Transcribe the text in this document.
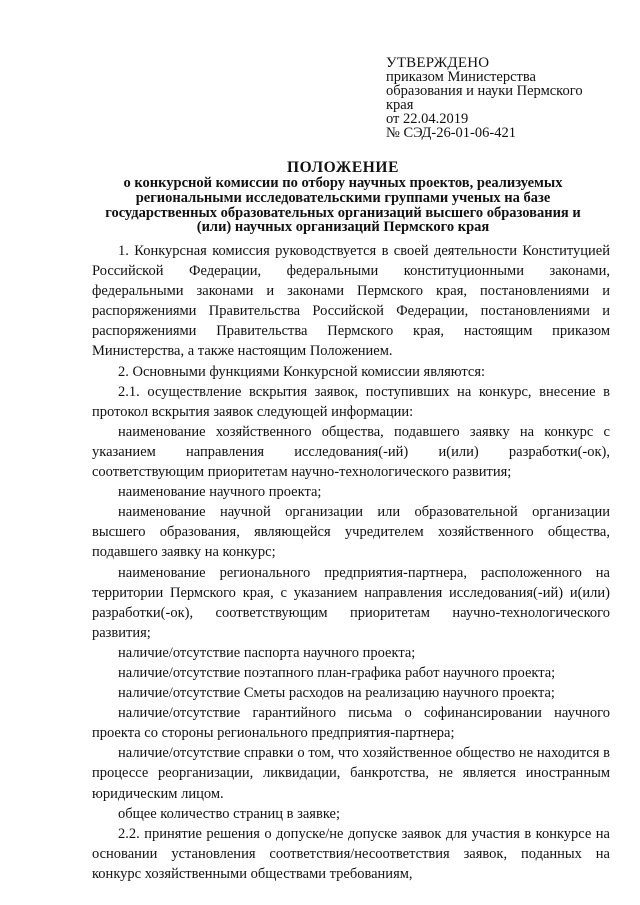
УТВЕРЖДЕНО
приказом Министерства
образования и науки Пермского
края
от 22.04.2019
№ СЭД-26-01-06-421
ПОЛОЖЕНИЕ
о конкурсной комиссии по отбору научных проектов, реализуемых
региональными исследовательскими группами ученых на базе
государственных образовательных организаций высшего образования и
(или) научных организаций Пермского края

1. Конкурсная комиссия руководствуется в своей деятельности Конституцией Российской Федерации, федеральными конституционными законами, федеральными законами и законами Пермского края, постановлениями и распоряжениями Правительства Российской Федерации, постановлениями и распоряжениями Правительства Пермского края, настоящим приказом Министерства, а также настоящим Положением.

2. Основными функциями Конкурсной комиссии являются:

2.1. осуществление вскрытия заявок, поступивших на конкурс, внесение в протокол вскрытия заявок следующей информации:

наименование хозяйственного общества, подавшего заявку на конкурс с указанием направления исследования(-ий) и(или) разработки(-ок), соответствующим приоритетам научно-технологического развития;

наименование научного проекта;

наименование научной организации или образовательной организации высшего образования, являющейся учредителем хозяйственного общества, подавшего заявку на конкурс;

наименование регионального предприятия-партнера, расположенного на территории Пермского края, с указанием направления исследования(-ий) и(или) разработки(-ок), соответствующим приоритетам научно-технологического развития;

наличие/отсутствие паспорта научного проекта;

наличие/отсутствие поэтапного план-графика работ научного проекта;

наличие/отсутствие Сметы расходов на реализацию научного проекта;

наличие/отсутствие гарантийного письма о софинансировании научного проекта со стороны регионального предприятия-партнера;

наличие/отсутствие справки о том, что хозяйственное общество не находится в процессе реорганизации, ликвидации, банкротства, не является иностранным юридическим лицом.

общее количество страниц в заявке;

2.2. принятие решения о допуске/не допуске заявок для участия в конкурсе на основании установления соответствия/несоответствия заявок, поданных на конкурс хозяйственными обществами требованиям,
